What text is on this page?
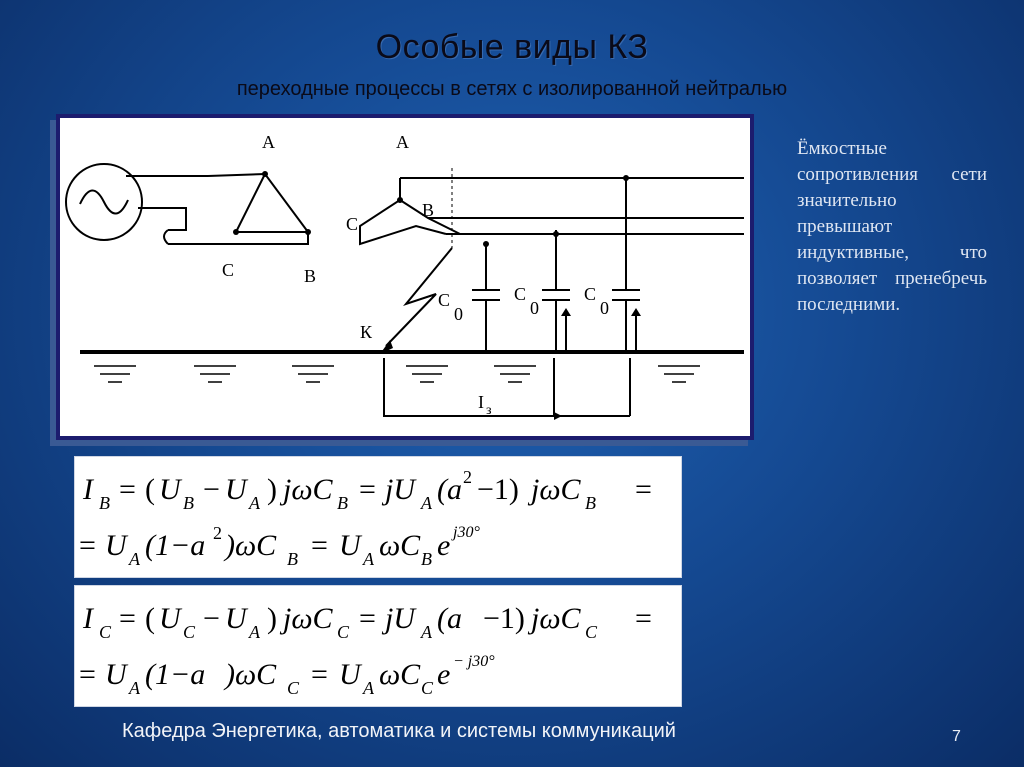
Особые виды КЗ
переходные процессы в сетях с изолированной нейтралью
A
C	B
A
C
B
К
C
0
C
0
C
0
I з
Ёмкостные сопротивления сети значительно превышают индуктивные, что позволяет пренебречь последними.
I B = ( U B − U A ) jωC B = jU A (a 2 −1) jωC B =
= U A (1−a 2 )ωC B = U A ωC B e j30°
I C = ( U C − U A ) jωC C = jU A (a −1) jωC C =
= U A (1−a )ωC C = U A ωC C e − j30°
Кафедра Энергетика, автоматика и системы коммуникаций	7
